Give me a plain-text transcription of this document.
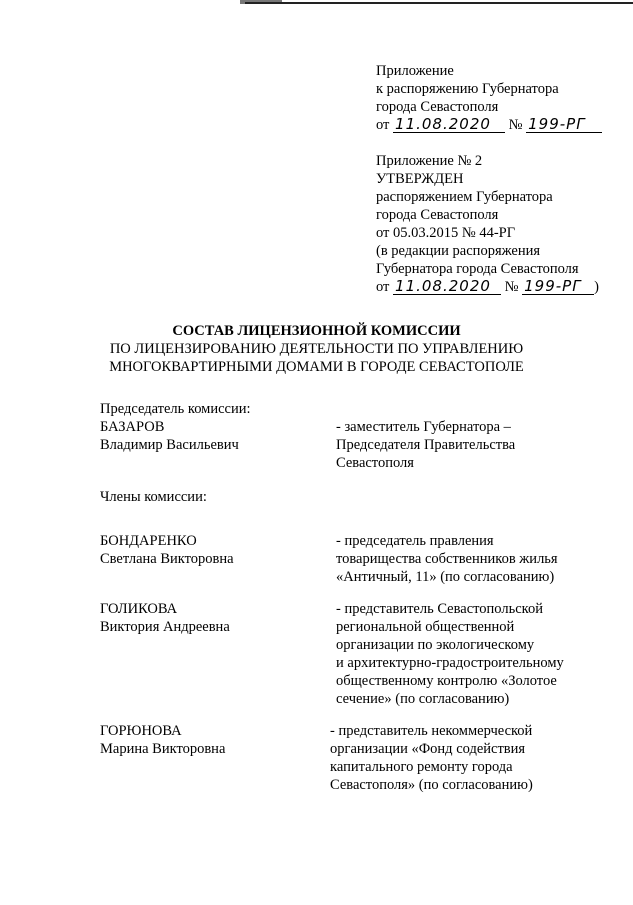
Приложение
к распоряжению Губернатора
города Севастополя
от 11.08.2020 № 199-РГ
Приложение № 2
УТВЕРЖДЕН
распоряжением Губернатора
города Севастополя
от 05.03.2015 № 44-РГ
(в редакции распоряжения
Губернатора города Севастополя
от 11.08.2020 № 199-РГ )
СОСТАВ ЛИЦЕНЗИОННОЙ КОМИССИИ
ПО ЛИЦЕНЗИРОВАНИЮ ДЕЯТЕЛЬНОСТИ ПО УПРАВЛЕНИЮ
МНОГОКВАРТИРНЫМИ ДОМАМИ В ГОРОДЕ СЕВАСТОПОЛЕ
Председатель комиссии:
БАЗАРОВ
Владимир Васильевич
- заместитель Губернатора –
Председателя Правительства
Севастополя
Члены комиссии:
БОНДАРЕНКО
Светлана Викторовна
- председатель правления
товарищества собственников жилья
«Античный, 11» (по согласованию)
ГОЛИКОВА
Виктория Андреевна
- представитель Севастопольской
региональной общественной
организации по экологическому
и архитектурно-градостроительному
общественному контролю «Золотое
сечение» (по согласованию)
ГОРЮНОВА
Марина Викторовна
- представитель некоммерческой
организации «Фонд содействия
капитального ремонту города
Севастополя» (по согласованию)
